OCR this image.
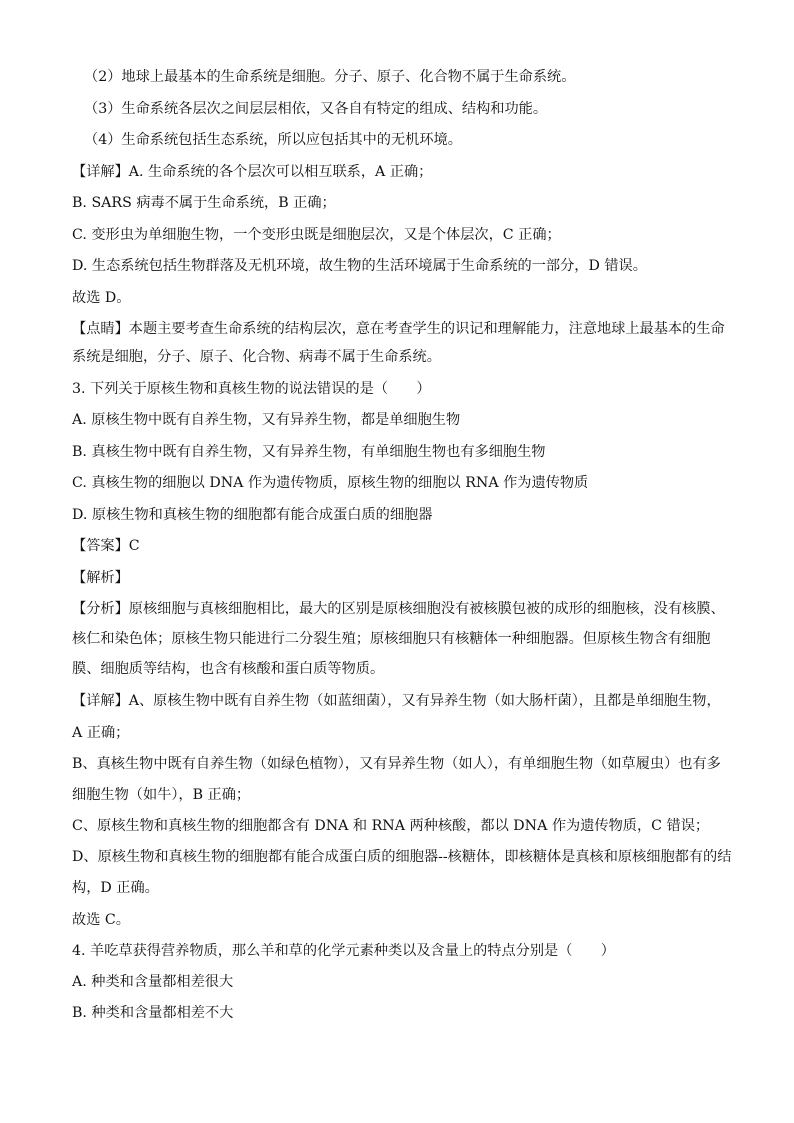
（2）地球上最基本的生命系统是细胞。分子、原子、化合物不属于生命系统。
（3）生命系统各层次之间层层相依，又各自有特定的组成、结构和功能。
（4）生命系统包括生态系统，所以应包括其中的无机环境。
【详解】A. 生命系统的各个层次可以相互联系，A 正确；
B. SARS 病毒不属于生命系统，B 正确；
C. 变形虫为单细胞生物，一个变形虫既是细胞层次，又是个体层次，C 正确；
D. 生态系统包括生物群落及无机环境，故生物的生活环境属于生命系统的一部分，D 错误。
故选 D。
【点睛】本题主要考查生命系统的结构层次，意在考查学生的识记和理解能力，注意地球上最基本的生命
系统是细胞，分子、原子、化合物、病毒不属于生命系统。
3. 下列关于原核生物和真核生物的说法错误的是（　　）
A. 原核生物中既有自养生物，又有异养生物，都是单细胞生物
B. 真核生物中既有自养生物，又有异养生物，有单细胞生物也有多细胞生物
C. 真核生物的细胞以 DNA 作为遗传物质，原核生物的细胞以 RNA 作为遗传物质
D. 原核生物和真核生物的细胞都有能合成蛋白质的细胞器
【答案】C
【解析】
【分析】原核细胞与真核细胞相比，最大的区别是原核细胞没有被核膜包被的成形的细胞核，没有核膜、
核仁和染色体；原核生物只能进行二分裂生殖；原核细胞只有核糖体一种细胞器。但原核生物含有细胞
膜、细胞质等结构，也含有核酸和蛋白质等物质。
【详解】A、原核生物中既有自养生物（如蓝细菌），又有异养生物（如大肠杆菌），且都是单细胞生物，
A 正确；
B、真核生物中既有自养生物（如绿色植物），又有异养生物（如人），有单细胞生物（如草履虫）也有多
细胞生物（如牛），B 正确；
C、原核生物和真核生物的细胞都含有 DNA 和 RNA 两种核酸，都以 DNA 作为遗传物质，C 错误；
D、原核生物和真核生物的细胞都有能合成蛋白质的细胞器--核糖体，即核糖体是真核和原核细胞都有的结
构，D 正确。
故选 C。
4. 羊吃草获得营养物质，那么羊和草的化学元素种类以及含量上的特点分别是（　　）
A. 种类和含量都相差很大
B. 种类和含量都相差不大
